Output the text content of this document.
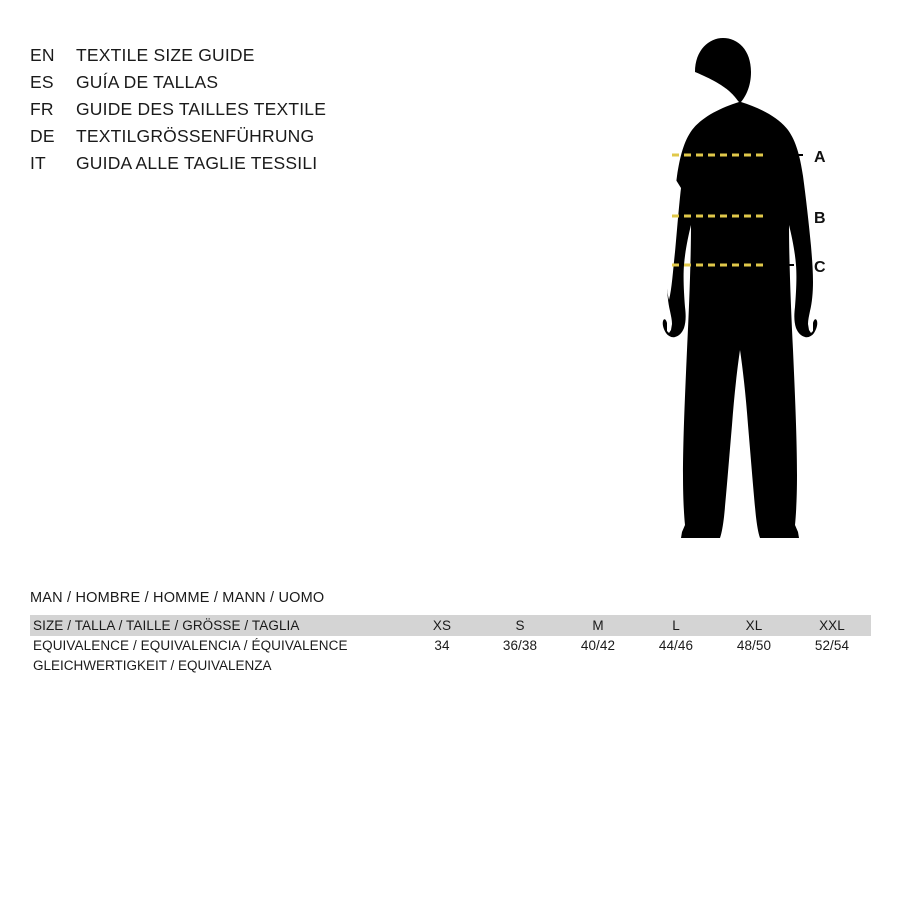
EN	TEXTILE SIZE GUIDE
ES	GUÍA DE TALLAS
FR	GUIDE DES TAILLES TEXTILE
DE	TEXTILGRÖSSENFÜHRUNG
IT	GUIDA ALLE TAGLIE TESSILI	A
B
C
MAN / HOMBRE / HOMME / MANN / UOMO
SIZE / TALLA / TAILLE / GRÖSSE / TAGLIA	XS	S	M	L	XL	XXL
EQUIVALENCE / EQUIVALENCIA / ÉQUIVALENCE	34	36/38	40/42	44/46	48/50	52/54
GLEICHWERTIGKEIT / EQUIVALENZA
